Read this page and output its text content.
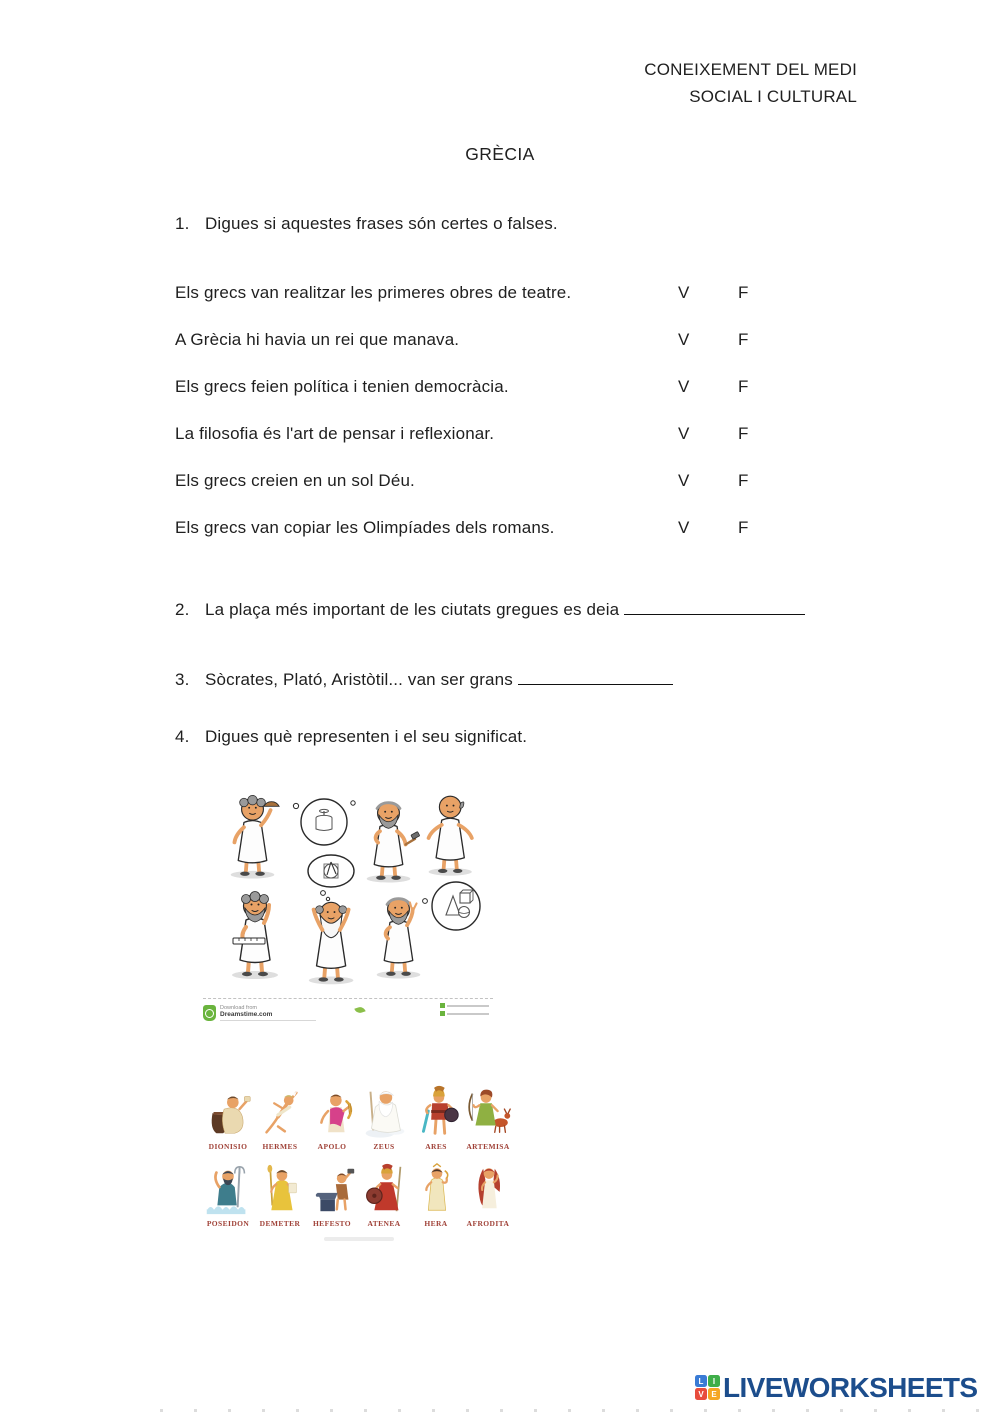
CONEIXEMENT DEL MEDI
SOCIAL I CULTURAL
GRÈCIA
1. Digues si aquestes frases són certes o falses.
Els grecs van realitzar les primeres obres de teatre.	V	F
A Grècia hi havia un rei que manava.	V	F
Els grecs feien política i tenien democràcia.	V	F
La filosofia és l'art de pensar i reflexionar.	V	F
Els grecs creien en un sol Déu.	V	F
Els grecs van copiar les Olimpíades dels romans.	V	F
2. La plaça més important de les ciutats gregues es deia
3. Sòcrates, Plató, Aristòtil... van ser grans
4. Digues què representen i el seu significat.
Download from
Dreamstime.com
DIONISIO HERMES	APOLO	ZEUS	ARES	ARTEMISA
POSEIDON DEMETER HEFESTO ATENEA	HERA	AFRODITA
L	I
V E LIVEWORKSHEETS
